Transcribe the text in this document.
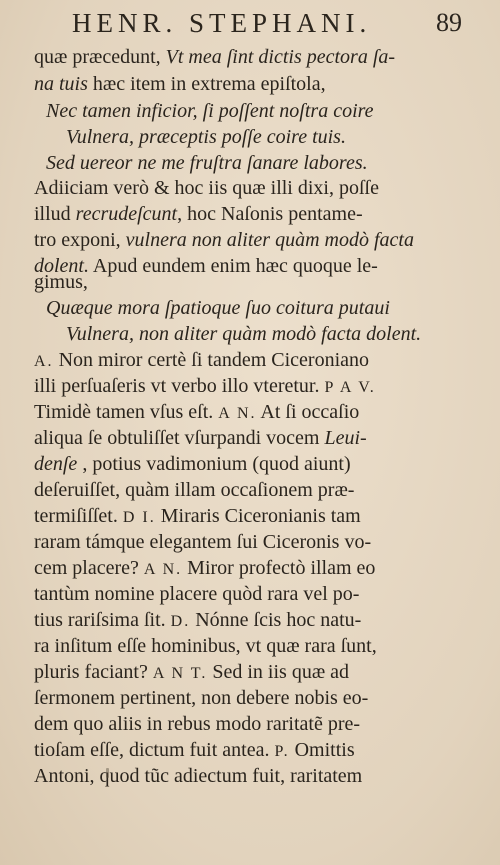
HENR. STEPHANI. 89
quæ præcedunt, Vt mea ſint dictis pectora ſa-
na tuis hæc item in extrema epiſtola,
Nec tamen inficior, ſi poſſent noſtra coire
Vulnera, præceptis poſſe coire tuis.
Sed uereor ne me fruſtra ſanare labores.
Adiiciam verò & hoc iis quæ illi dixi, poſſe
illud recrudeſcunt, hoc Naſonis pentame-
tro exponi, vulnera non aliter quàm modò facta
dolent. Apud eundem enim hæc quoque le-
gimus,
Quæque mora ſpatioque ſuo coitura putaui
Vulnera, non aliter quàm modò facta dolent.
A. Non miror certè ſi tandem Ciceroniano
illi perſuaſeris vt verbo illo vteretur. P A V.
Timidè tamen vſus eſt. A N. At ſi occaſio
aliqua ſe obtuliſſet vſurpandi vocem Leui-
denſe , potius vadimonium (quod aiunt)
deſeruiſſet, quàm illam occaſionem præ-
termiſiſſet. D I. Miraris Ciceronianis tam
raram támque elegantem ſui Ciceronis vo-
cem placere? A N. Miror profectò illam eo
tantùm nomine placere quòd rara vel po-
tius rariſsima ſit. D. Nónne ſcis hoc natu-
ra inſitum eſſe hominibus, vt quæ rara ſunt,
pluris faciant? A N T. Sed in iis quæ ad
ſermonem pertinent, non debere nobis eo-
dem quo aliis in rebus modo raritatẽ pre-
tioſam eſſe, dictum fuit antea. P. Omittis
Antoni, quod tũc adiectum fuit, raritatem
